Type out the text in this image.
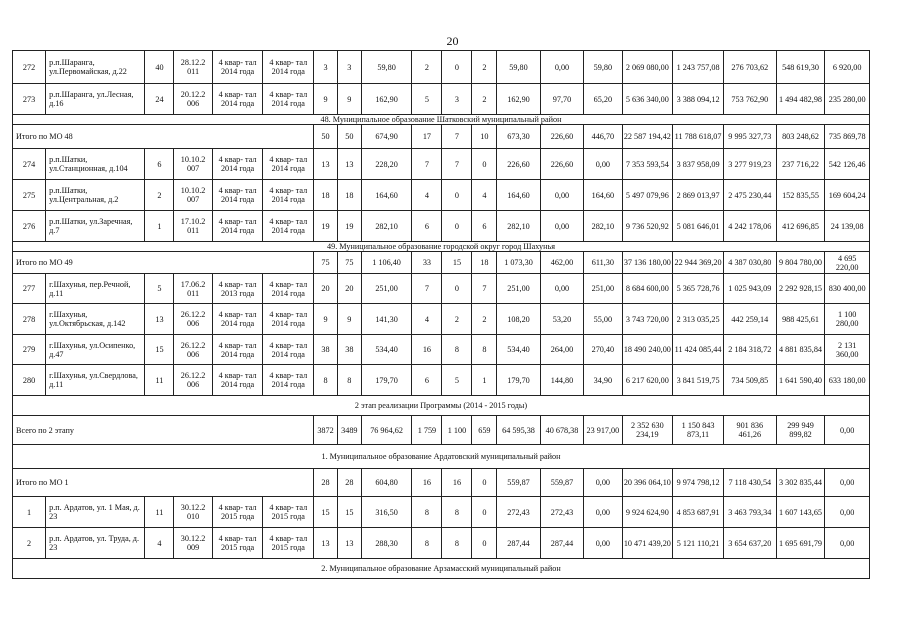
20
272	р.п.Шаранга, ул.Первомайская, д.22	40	28.12.2 011	4 квар- тал 2014 года	4 квар- тал 2014 года	3	3	59,80	2	0	2	59,80	0,00	59,80	2 069 080,00	1 243 757,08	276 703,62	548 619,30	6 920,00
273	р.п.Шаранга, ул.Лесная, д.16	24	20.12.2 006	4 квар- тал 2014 года	4 квар- тал 2014 года	9	9	162,90	5	3	2	162,90	97,70	65,20	5 636 340,00	3 388 094,12	753 762,90	1 494 482,98	235 280,00
48. Муниципальное образование Шатковский муниципальный район																			
Итого по МО 48						50	50	674,90	17	7	10	673,30	226,60	446,70	22 587 194,42	11 788 618,07	9 995 327,73	803 248,62	735 869,78
274	р.п.Шатки, ул.Станционная, д.104	6	10.10.2 007	4 квар- тал 2014 года	4 квар- тал 2014 года	13	13	228,20	7	7	0	226,60	226,60	0,00	7 353 593,54	3 837 958,09	3 277 919,23	237 716,22	542 126,46
275	р.п.Шатки, ул.Центральная, д.2	2	10.10.2 007	4 квар- тал 2014 года	4 квар- тал 2014 года	18	18	164,60	4	0	4	164,60	0,00	164,60	5 497 079,96	2 869 013,97	2 475 230,44	152 835,55	169 604,24
276	р.п.Шатки, ул.Заречная, д.7	1	17.10.2 011	4 квар- тал 2014 года	4 квар- тал 2014 года	19	19	282,10	6	0	6	282,10	0,00	282,10	9 736 520,92	5 081 646,01	4 242 178,06	412 696,85	24 139,08
49. Муниципальное образование городской округ город Шахунья																			
Итого по МО 49						75	75	1 106,40	33	15	18	1 073,30	462,00	611,30	37 136 180,00	22 944 369,20	4 387 030,80	9 804 780,00	4 695 220,00
277	г.Шахунья, пер.Речной, д.11	5	17.06.2 011	4 квар- тал 2013 года	4 квар- тал 2014 года	20	20	251,00	7	0	7	251,00	0,00	251,00	8 684 600,00	5 365 728,76	1 025 943,09	2 292 928,15	830 400,00
278	г.Шахунья, ул.Октябрьская, д.142	13	26.12.2 006	4 квар- тал 2014 года	4 квар- тал 2014 года	9	9	141,30	4	2	2	108,20	53,20	55,00	3 743 720,00	2 313 035,25	442 259,14	988 425,61	1 100 280,00
279	г.Шахунья, ул.Осипенко, д.47	15	26.12.2 006	4 квар- тал 2014 года	4 квар- тал 2014 года	38	38	534,40	16	8	8	534,40	264,00	270,40	18 490 240,00	11 424 085,44	2 184 318,72	4 881 835,84	2 131 360,00
280	г.Шахунья, ул.Свердлова, д.11	11	26.12.2 006	4 квар- тал 2014 года	4 квар- тал 2014 года	8	8	179,70	6	5	1	179,70	144,80	34,90	6 217 620,00	3 841 519,75	734 509,85	1 641 590,40	633 180,00
2 этап реализации Программы (2014 - 2015 годы)																			
Всего по 2 этапу						3872	3489	76 964,62	1 759	1 100	659	64 595,38	40 678,38	23 917,00	2 352 630 234,19	1 150 843 873,11	901 836 461,26	299 949 899,82	0,00
1. Муниципальное образование Ардатовский муниципальный район																			
Итого по МО 1						28	28	604,80	16	16	0	559,87	559,87	0,00	20 396 064,10	9 974 798,12	7 118 430,54	3 302 835,44	0,00
1	р.п. Ардатов, ул. 1 Мая, д. 23	11	30.12.2 010	4 квар- тал 2015 года	4 квар- тал 2015 года	15	15	316,50	8	8	0	272,43	272,43	0,00	9 924 624,90	4 853 687,91	3 463 793,34	1 607 143,65	0,00
2	р.п. Ардатов, ул. Труда, д. 23	4	30.12.2 009	4 квар- тал 2015 года	4 квар- тал 2015 года	13	13	288,30	8	8	0	287,44	287,44	0,00	10 471 439,20	5 121 110,21	3 654 637,20	1 695 691,79	0,00
2. Муниципальное образование Арзамасский муниципальный район																			
